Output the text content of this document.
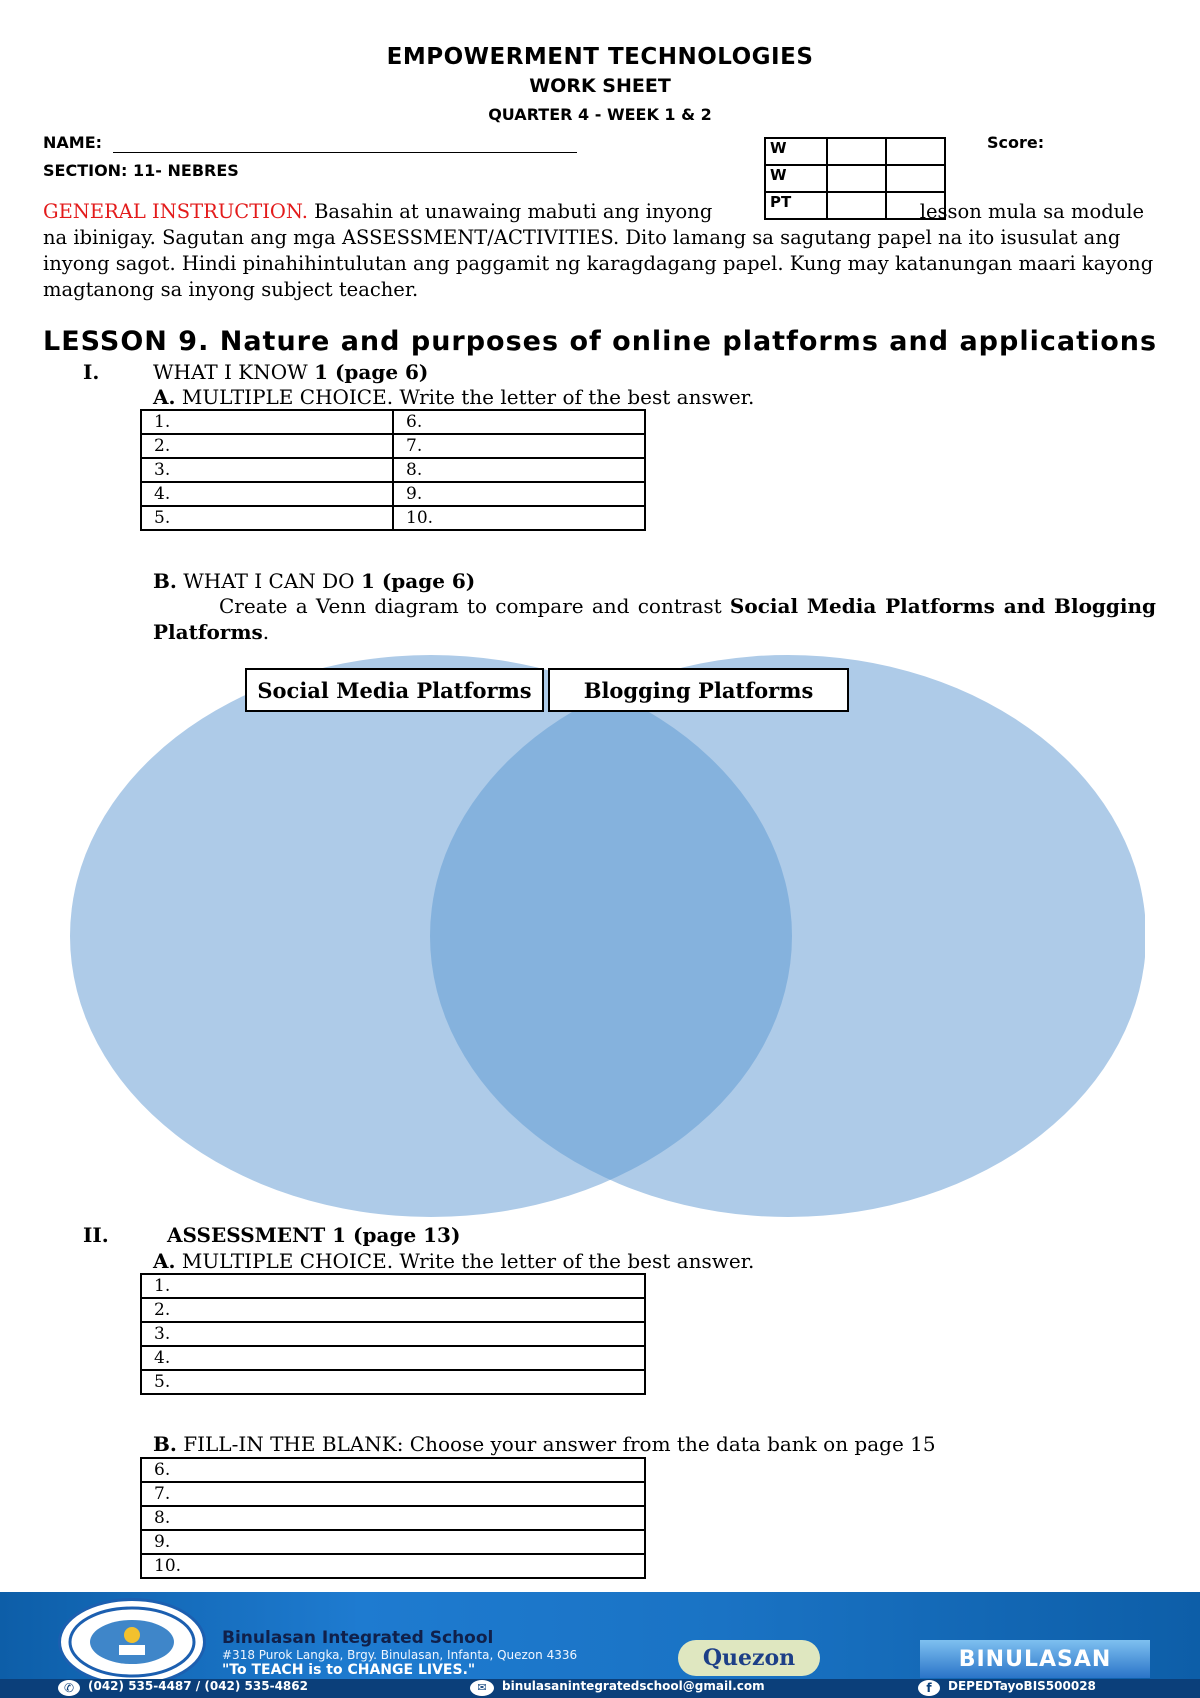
EMPOWERMENT TECHNOLOGIES
WORK SHEET
QUARTER 4 - WEEK 1 & 2
NAME:
SECTION: 11- NEBRES
Score:
W		
W		
PT		
GENERAL INSTRUCTION. Basahin at unawaing mabuti ang inyong	lesson mula sa module na ibinigay. Sagutan ang mga ASSESSMENT/ACTIVITIES. Dito lamang sa sagutang papel na ito isusulat ang inyong sagot. Hindi pinahihintulutan ang paggamit ng karagdagang papel. Kung may katanungan maari kayong magtanong sa inyong subject teacher.
LESSON 9. Nature and purposes of online platforms and applications
I.	WHAT I KNOW 1 (page 6)
A. MULTIPLE CHOICE. Write the letter of the best answer.
1.	6.
2.	7.
3.	8.
4.	9.
5.	10.
B. WHAT I CAN DO 1 (page 6)
Create a Venn diagram to compare and contrast Social Media Platforms and Blogging Platforms.
Social Media Platforms	Blogging Platforms
II.	ASSESSMENT 1 (page 13)
A. MULTIPLE CHOICE. Write the letter of the best answer.
1.
2.
3.
4.
5.
B. FILL-IN THE BLANK: Choose your answer from the data bank on page 15
6.
7.
8.
9.
10.
Binulasan Integrated School
#318 Purok Langka, Brgy. Binulasan, Infanta, Quezon 4336
"To TEACH is to CHANGE LIVES."	Quezon	BINULASAN
✆	(042) 535-4487 / (042) 535-4862	✉	binulasanintegratedschool@gmail.com	f	DEPEDTayoBIS500028
